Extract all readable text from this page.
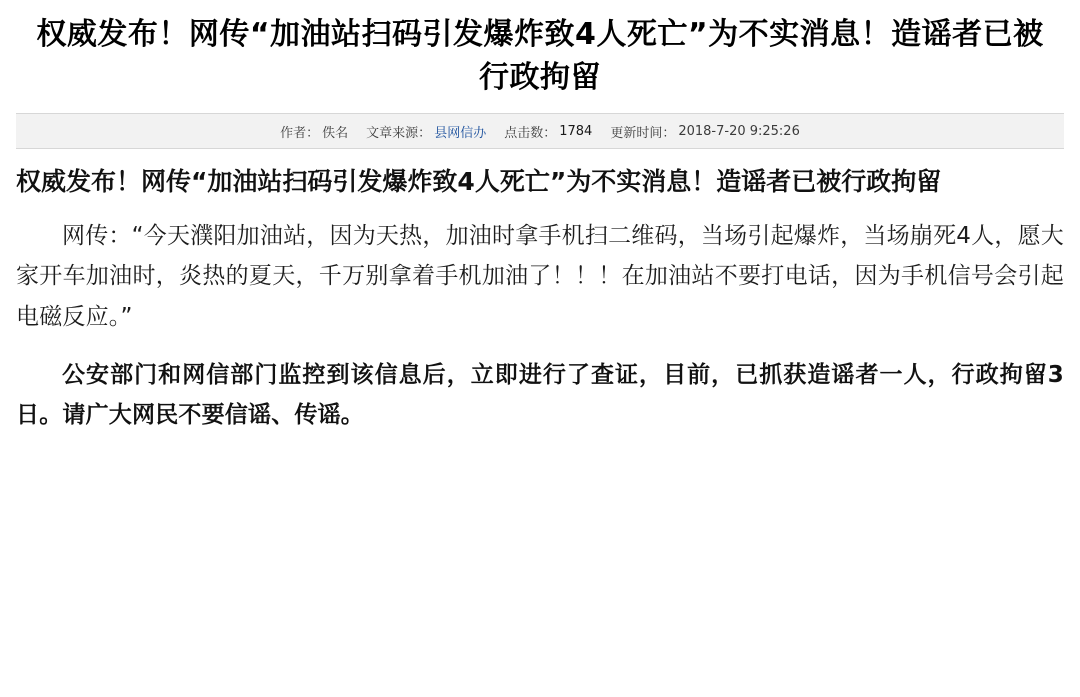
权威发布！网传“加油站扫码引发爆炸致4人死亡”为不实消息！造谣者已被行政拘留
作者： 佚名 文章来源： 县网信办 点击数： 1784 更新时间： 2018-7-20 9:25:26
权威发布！网传“加油站扫码引发爆炸致4人死亡”为不实消息！造谣者已被行政拘留

网传：“今天濮阳加油站，因为天热，加油时拿手机扫二维码，当场引起爆炸，当场崩死4人，愿大家开车加油时，炎热的夏天，千万别拿着手机加油了！！！在加油站不要打电话，因为手机信号会引起电磁反应。”

公安部门和网信部门监控到该信息后，立即进行了查证，目前，已抓获造谣者一人，行政拘留3日。请广大网民不要信谣、传谣。
